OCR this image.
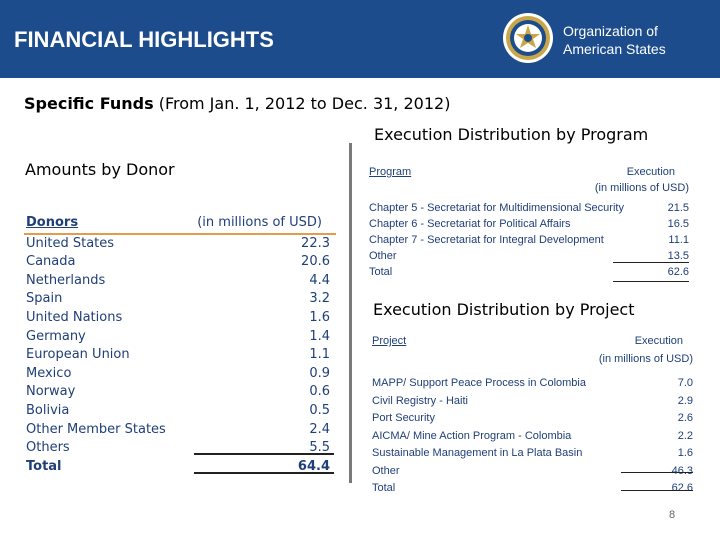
FINANCIAL HIGHLIGHTS	Organization of
American States
Specific Funds (From Jan. 1, 2012 to Dec. 31, 2012)
Execution Distribution by Program
Amounts by Donor
Execution Distribution by Project
Donors	(in millions of USD)
United States	22.3
Canada	20.6
Netherlands	4.4
Spain	3.2
United Nations	1.6
Germany	1.4
European Union	1.1
Mexico	0.9
Norway	0.6
Bolivia	0.5
Other Member States	2.4
Others	5.5
Total	64.4
Program	Execution
(in millions of USD)
Chapter 5 - Secretariat for Multidimensional Security	21.5
Chapter 6 - Secretariat for Political Affairs	16.5
Chapter 7 - Secretariat for Integral Development	11.1
Other	13.5
Total	62.6
Project	Execution
(in millions of USD)
MAPP/ Support Peace Process in Colombia	7.0
Civil Registry - Haiti	2.9
Port Security	2.6
AICMA/ Mine Action Program - Colombia	2.2
Sustainable Management in La Plata Basin	1.6
Other	46.3
Total	62.6
8
